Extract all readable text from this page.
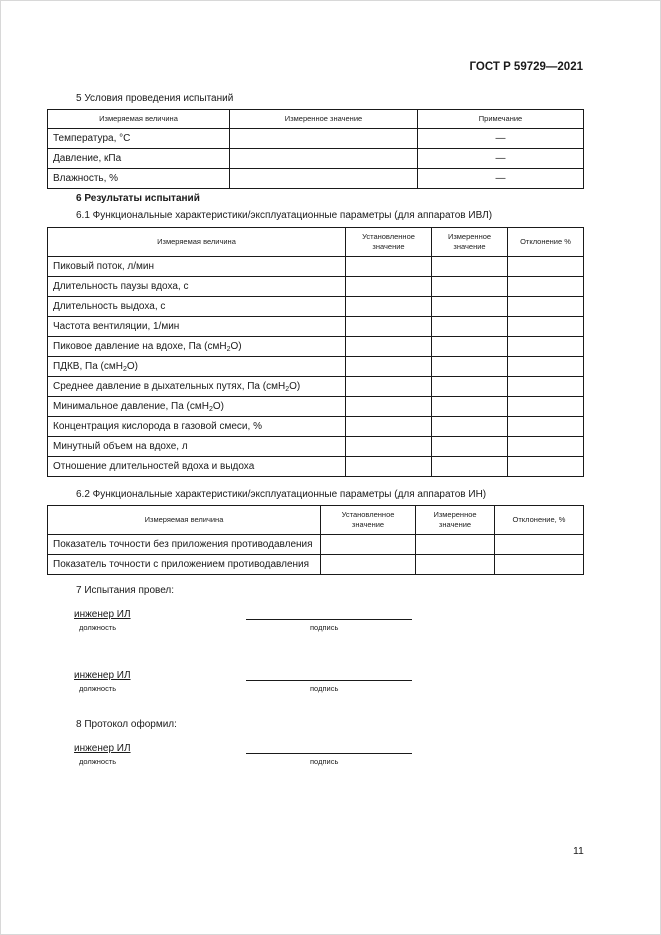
ГОСТ Р 59729—2021
5 Условия проведения испытаний
Измеряемая величина	Измеренное значение	Примечание
Температура, °C		—
Давление, кПа		—
Влажность, %		—
6 Результаты испытаний
6.1 Функциональные характеристики/эксплуатационные параметры (для аппаратов ИВЛ)
Измеряемая величина	Установленное значение	Измеренное значение	Отклонение %
Пиковый поток, л/мин			
Длительность паузы вдоха, с			
Длительность выдоха, с			
Частота вентиляции, 1/мин			
Пиковое давление на вдохе, Па (смH$_2$O)			
ПДКВ, Па (смH$_2$O)			
Среднее давление в дыхательных путях, Па (смH$_2$O)			
Минимальное давление, Па (смH$_2$O)			
Концентрация кислорода в газовой смеси, %			
Минутный объем на вдохе, л			
Отношение длительностей вдоха и выдоха			
6.2 Функциональные характеристики/эксплуатационные параметры (для аппаратов ИН)
Измеряемая величина	Установленное значение	Измеренное значение	Отклонение, %
Показатель точности без приложения противодавления			
Показатель точности с приложением противодавления			
7 Испытания провел:
инженер ИЛ
должность	подпись
инженер ИЛ
должность	подпись
8 Протокол оформил:
инженер ИЛ
должность	подпись
11
